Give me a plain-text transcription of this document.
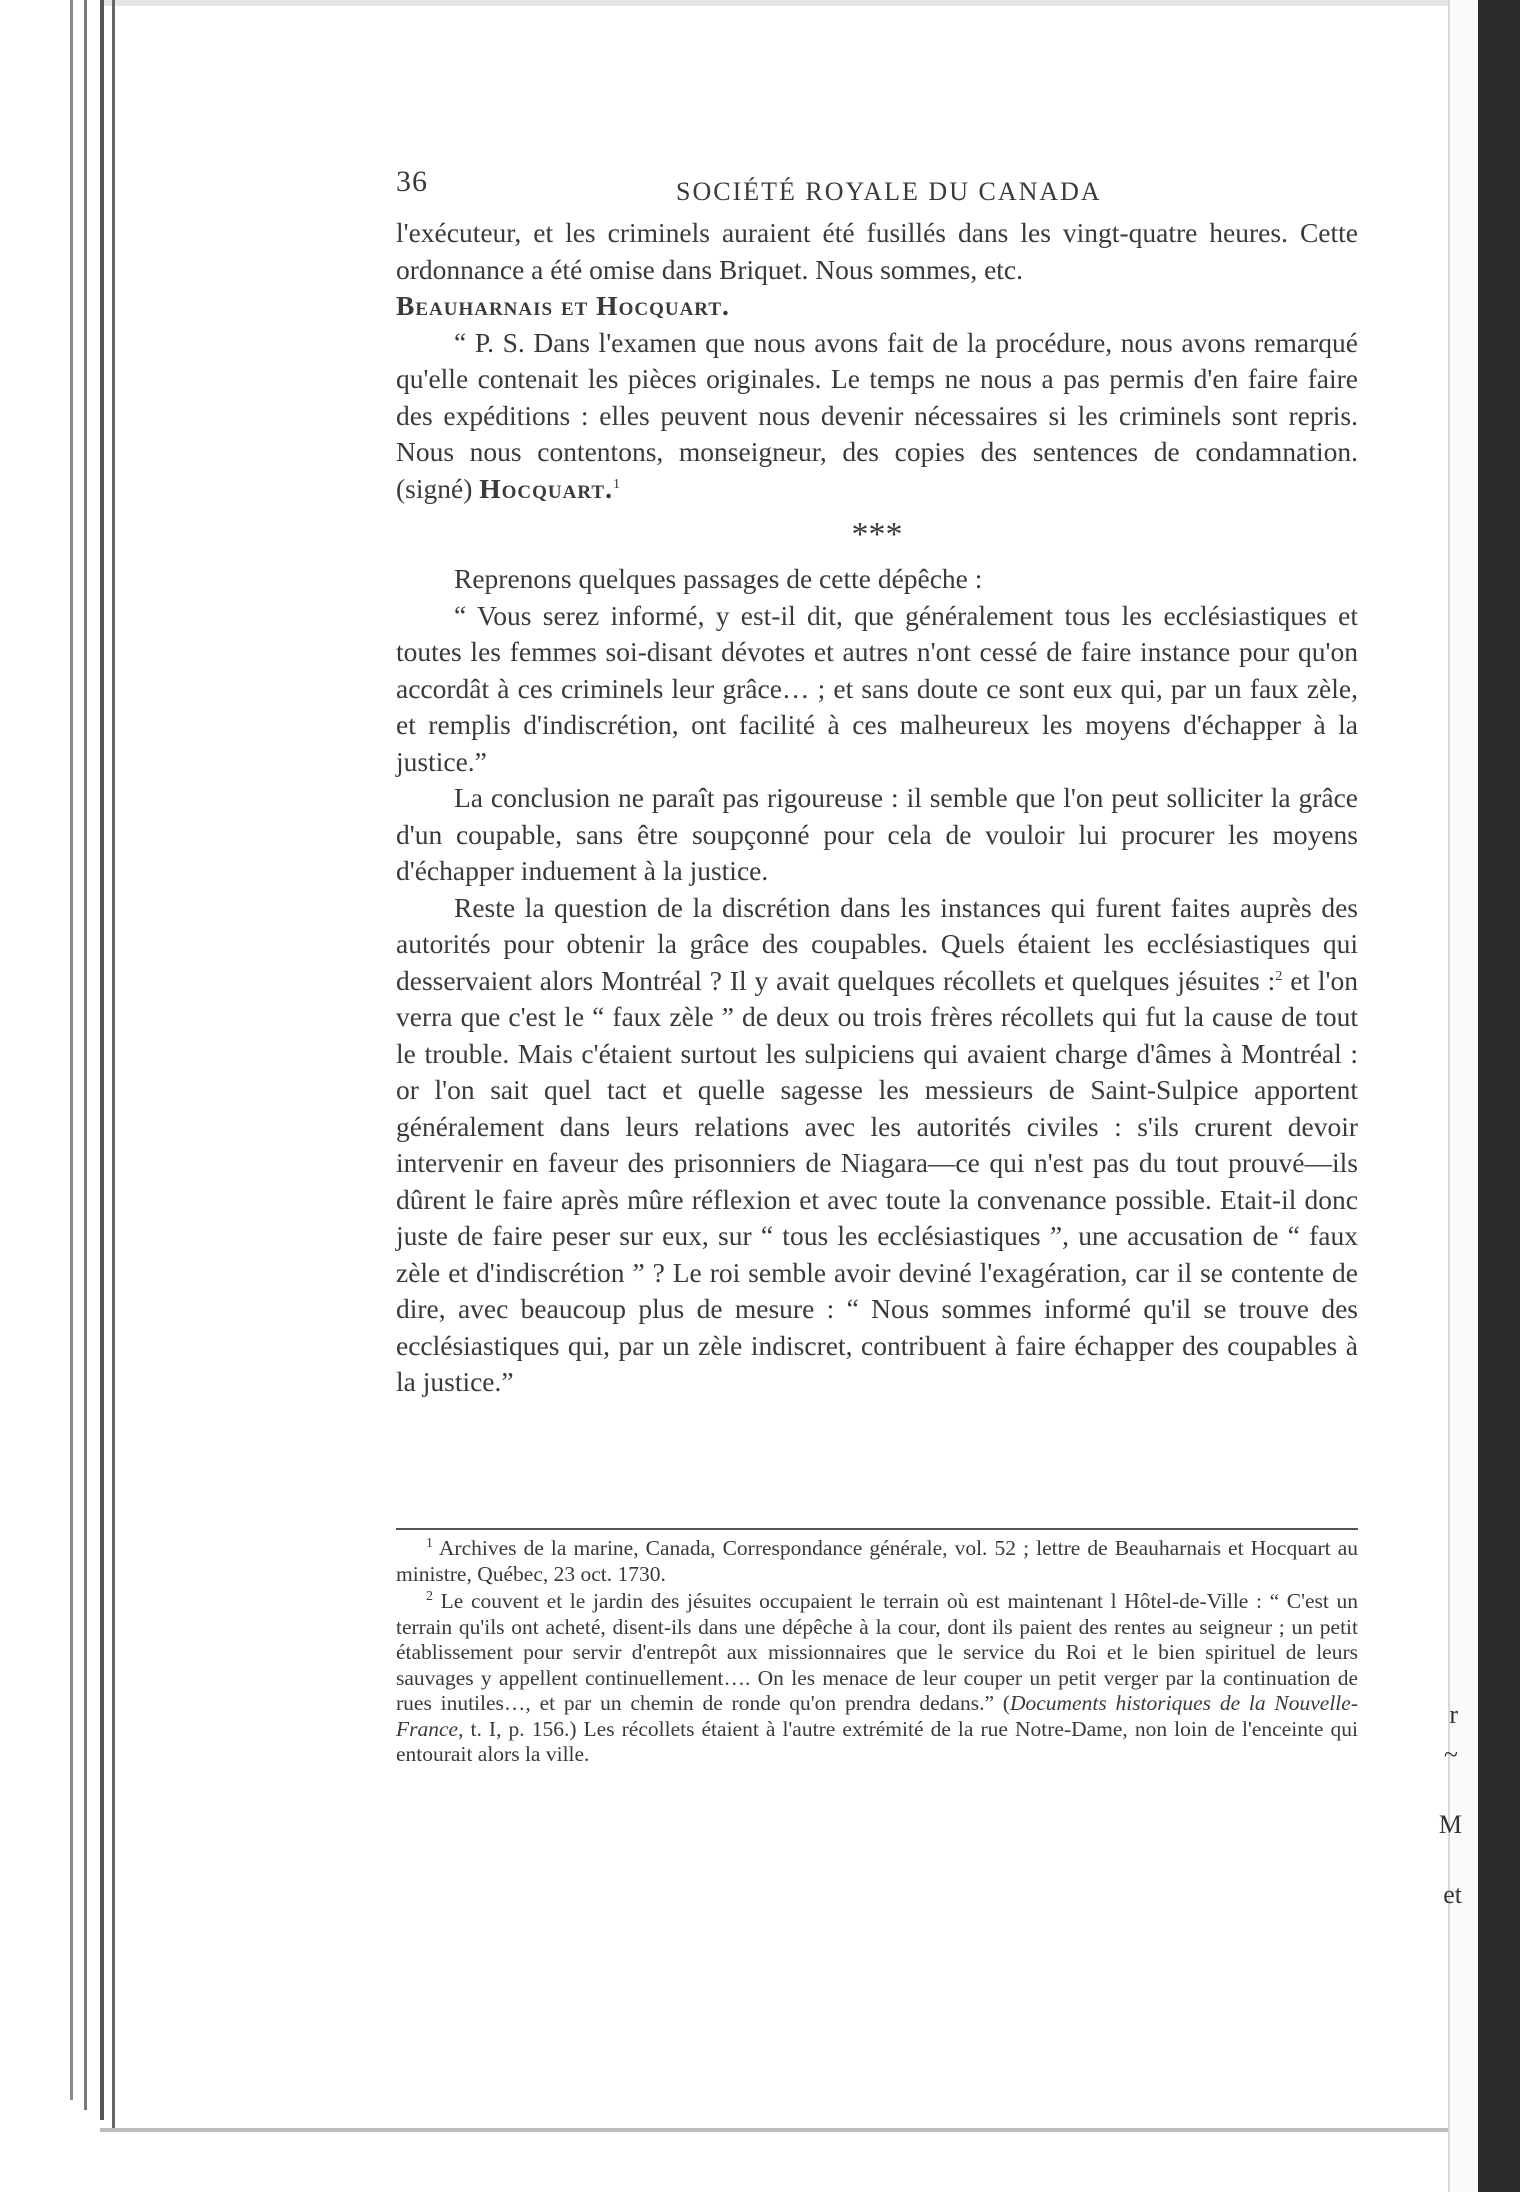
r
~
M
et
36	SOCIÉTÉ ROYALE DU CANADA

l'exécuteur, et les criminels auraient été fusillés dans les vingt-quatre heures. Cette ordonnance a été omise dans Briquet. Nous sommes, etc.
Beauharnais et Hocquart.

“ P. S. Dans l'examen que nous avons fait de la procédure, nous avons remarqué qu'elle contenait les pièces originales. Le temps ne nous a pas permis d'en faire faire des expéditions : elles peuvent nous devenir nécessaires si les criminels sont repris. Nous nous contentons, monseigneur, des copies des sentences de condamnation. (signé) Hocquart.$^1$

***

Reprenons quelques passages de cette dépêche :

“ Vous serez informé, y est-il dit, que généralement tous les ecclésiastiques et toutes les femmes soi-disant dévotes et autres n'ont cessé de faire instance pour qu'on accordât à ces criminels leur grâce… ; et sans doute ce sont eux qui, par un faux zèle, et remplis d'indiscrétion, ont facilité à ces malheureux les moyens d'échapper à la justice.”

La conclusion ne paraît pas rigoureuse : il semble que l'on peut solliciter la grâce d'un coupable, sans être soupçonné pour cela de vouloir lui procurer les moyens d'échapper induement à la justice.

Reste la question de la discrétion dans les instances qui furent faites auprès des autorités pour obtenir la grâce des coupables. Quels étaient les ecclésiastiques qui desservaient alors Montréal ? Il y avait quelques récollets et quelques jésuites :$^2$ et l'on verra que c'est le “ faux zèle ” de deux ou trois frères récollets qui fut la cause de tout le trouble. Mais c'étaient surtout les sulpiciens qui avaient charge d'âmes à Montréal : or l'on sait quel tact et quelle sagesse les messieurs de Saint-Sulpice apportent généralement dans leurs relations avec les autorités civiles : s'ils crurent devoir intervenir en faveur des prisonniers de Niagara—ce qui n'est pas du tout prouvé—ils dûrent le faire après mûre réflexion et avec toute la convenance possible. Etait-il donc juste de faire peser sur eux, sur “ tous les ecclésiastiques ”, une accusation de “ faux zèle et d'indiscrétion ” ? Le roi semble avoir deviné l'exagération, car il se contente de dire, avec beaucoup plus de mesure : “ Nous sommes informé qu'il se trouve des ecclésiastiques qui, par un zèle indiscret, contribuent à faire échapper des coupables à la justice.”

$^1$ Archives de la marine, Canada, Correspondance générale, vol. 52 ; lettre de Beauharnais et Hocquart au ministre, Québec, 23 oct. 1730.

$^2$ Le couvent et le jardin des jésuites occupaient le terrain où est maintenant l Hôtel-de-Ville : “ C'est un terrain qu'ils ont acheté, disent-ils dans une dépêche à la cour, dont ils paient des rentes au seigneur ; un petit établissement pour servir d'entrepôt aux missionnaires que le service du Roi et le bien spirituel de leurs sauvages y appellent continuellement…. On les menace de leur couper un petit verger par la continuation de rues inutiles…, et par un chemin de ronde qu'on prendra dedans.” (Documents historiques de la Nouvelle-France, t. I, p. 156.) Les récollets étaient à l'autre extrémité de la rue Notre-Dame, non loin de l'enceinte qui entourait alors la ville.
